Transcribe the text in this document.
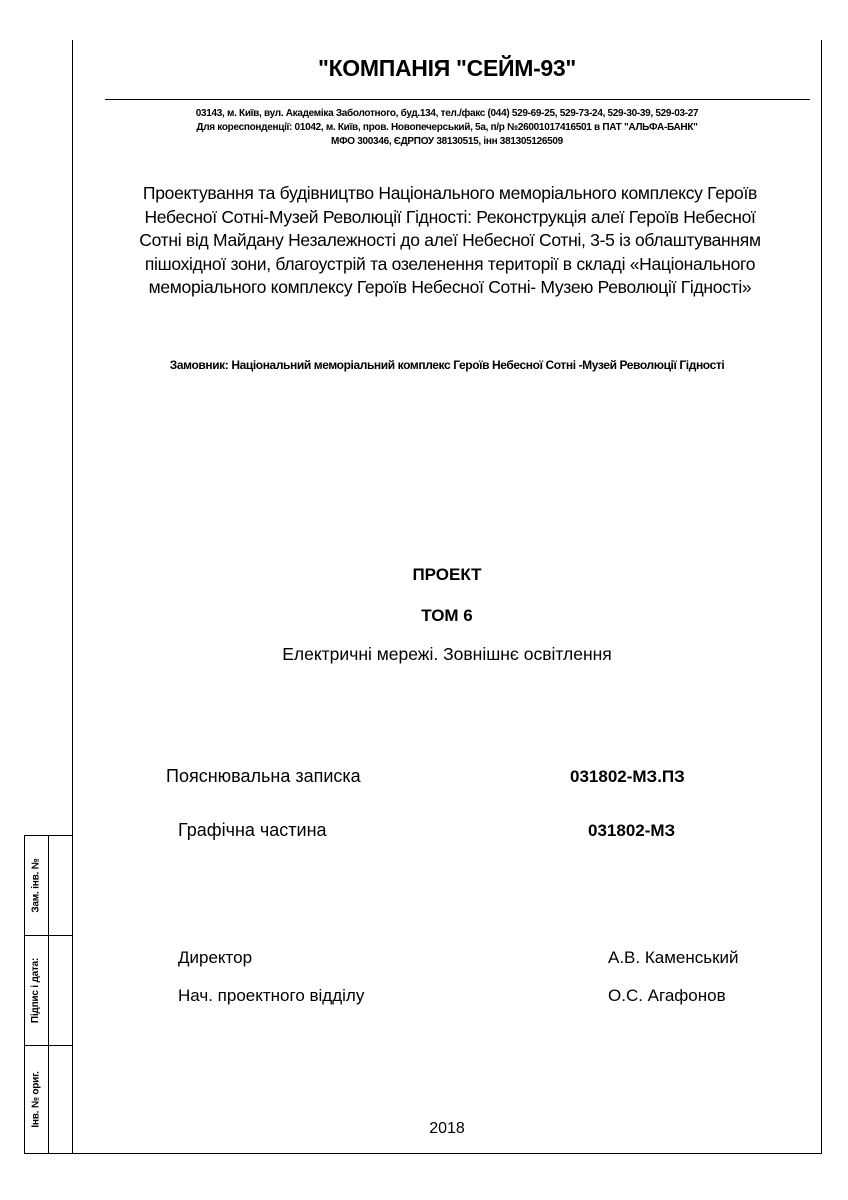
Зам. інв. №
Підпис і дата:
Інв. № ориг.
"КОМПАНІЯ "СЕЙМ-93"
03143, м. Київ, вул. Академіка Заболотного, буд.134, тел./факс (044) 529-69-25, 529-73-24, 529-30-39, 529-03-27
Для кореспонденції: 01042, м. Київ, пров. Новопечерський, 5а, п/р №26001017416501 в ПАТ "АЛЬФА-БАНК"
МФО 300346, ЄДРПОУ 38130515, інн 381305126509
Проектування та будівництво Національного меморіального комплексу Героїв
Небесної Сотні-Музей Революції Гідності: Реконструкція алеї Героїв Небесної
Сотні від Майдану Незалежності до алеї Небесної Сотні, 3-5 із облаштуванням
пішохідної зони, благоустрій та озеленення території в складі «Національного
меморіального комплексу Героїв Небесної Сотні- Музею Революції Гідності»
Замовник: Національний меморіальний комплекс Героїв Небесної Сотні -Музей Революції Гідності
ПРОЕКТ
ТОМ 6
Електричні мережі. Зовнішнє освітлення
Пояснювальна записка	031802-МЗ.ПЗ
Графічна частина	031802-МЗ
Директор	А.В. Каменський
Нач. проектного відділу	О.С. Агафонов
2018
